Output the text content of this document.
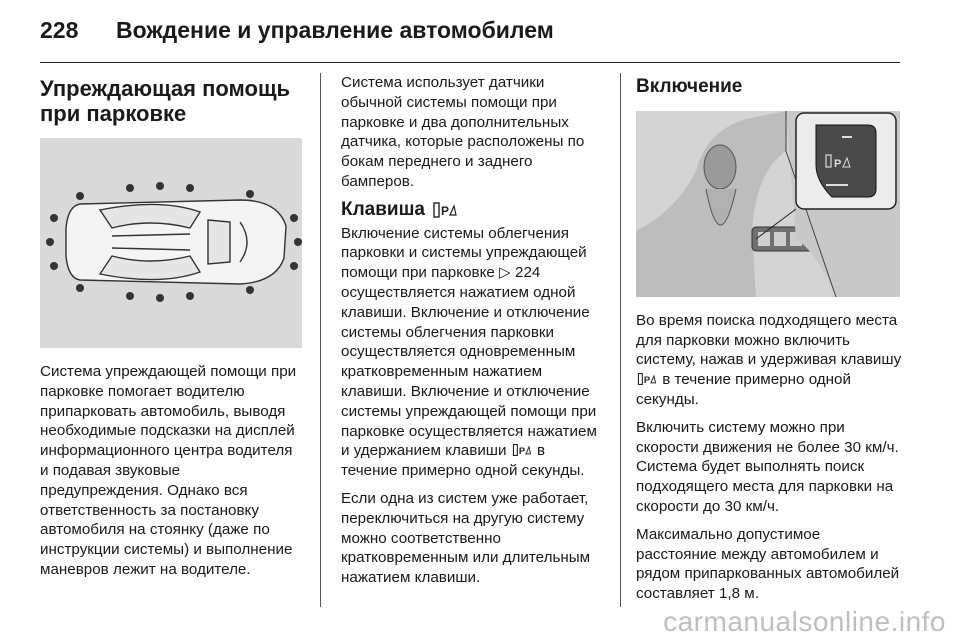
228	Вождение и управление автомобилем
Упреждающая помощь
при парковке

Система упреждающей помощи при парковке помогает водителю припарковать автомобиль, выводя необходимые подсказки на дисплей информационного центра водителя и подавая звуковые предупреждения. Однако вся ответственность за постановку автомобиля на стоянку (даже по инструкции системы) и выполнение маневров лежит на водителе.

Система использует датчики обычной системы помощи при парковке и два дополнительных датчика, которые расположены по бокам переднего и заднего бамперов.

Клавиша P

Включение системы облегчения парковки и системы упреждающей помощи при парковке ▷ 224 осуществляется нажатием одной клавиши. Включение и отключение системы облегчения парковки осуществляется одновременным кратковременным нажатием клавиши. Включение и отключение системы упреждающей помощи при парковке осуществляется нажатием и удержанием клавиши P в течение примерно одной секунды.

Если одна из систем уже работает, переключиться на другую систему можно соответственно кратковременным или длительным нажатием клавиши.

Включение
P

Во время поиска подходящего места для парковки можно включить систему, нажав и удерживая клавишу
P в течение примерно одной секунды.

Включить систему можно при скорости движения не более 30 км/ч. Система будет выполнять поиск подходящего места для парковки на скорости до 30 км/ч.

Максимально допустимое расстояние между автомобилем и рядом припаркованных автомобилей составляет 1,8 м.

carmanualsonline.info
